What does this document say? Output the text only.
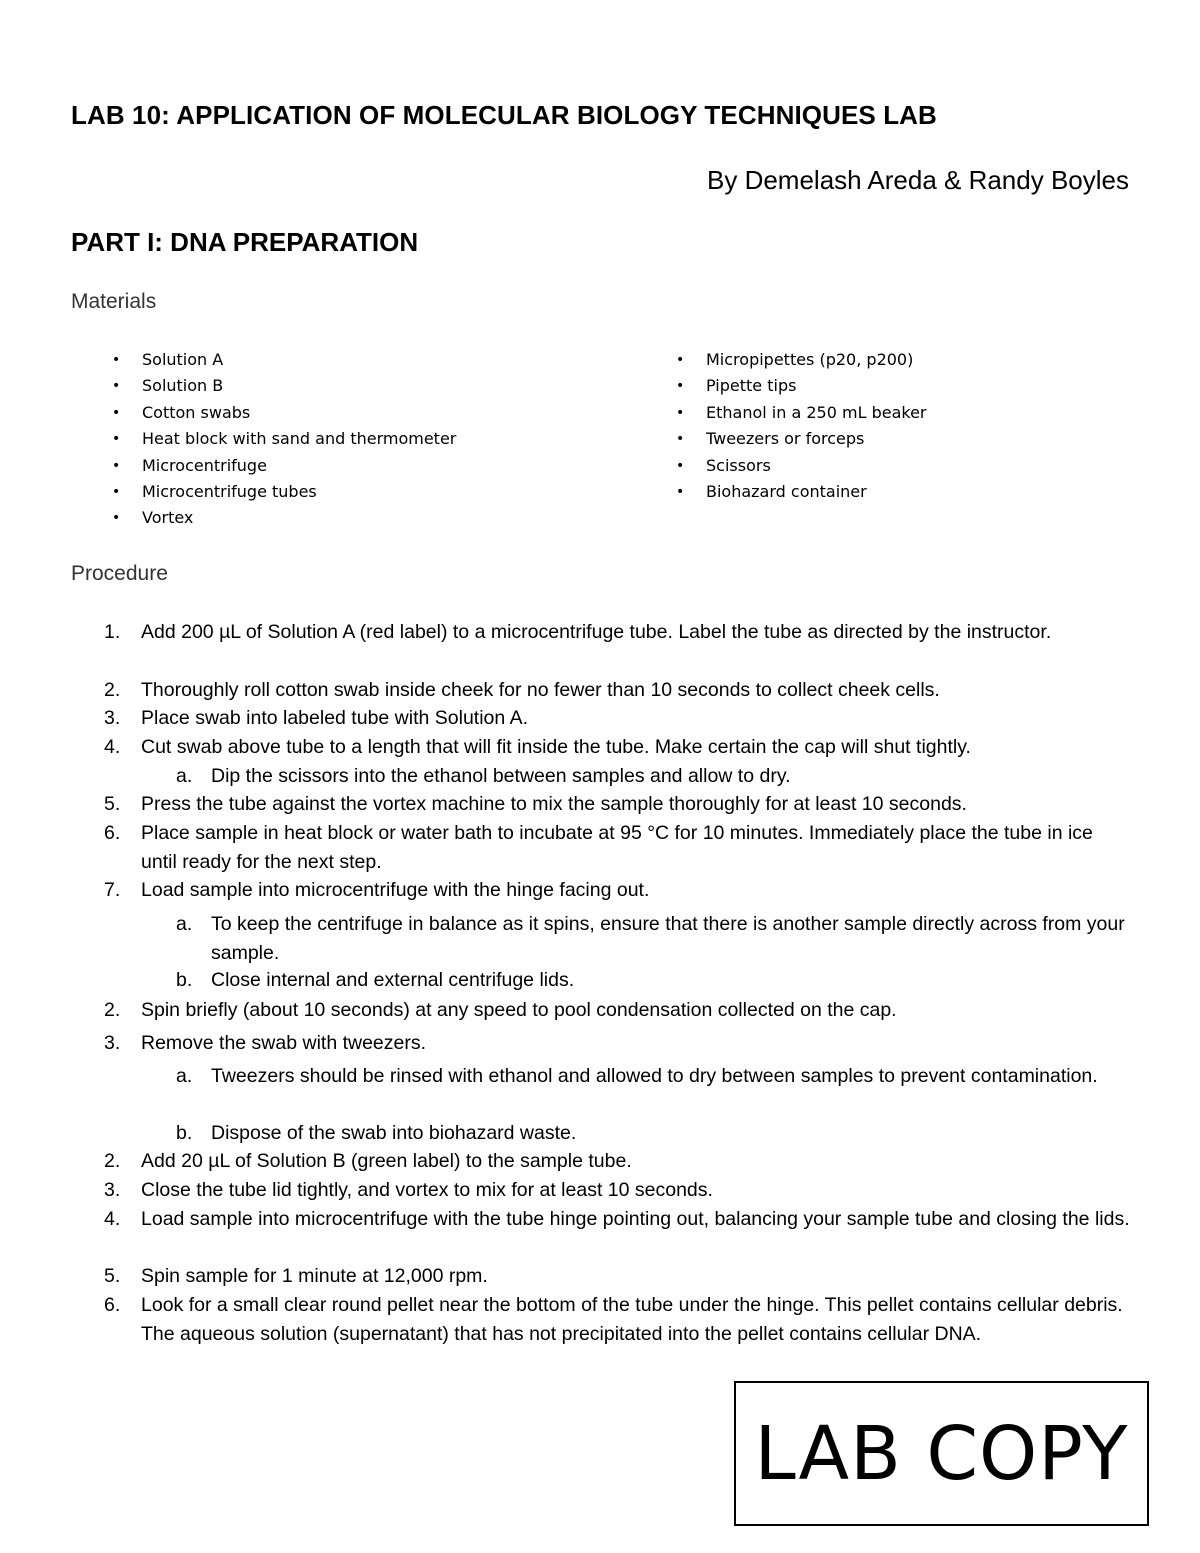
LAB 10: APPLICATION OF MOLECULAR BIOLOGY TECHNIQUES LAB
By Demelash Areda & Randy Boyles
PART I: DNA PREPARATION
Materials
• Solution A
• Solution B
• Cotton swabs
• Heat block with sand and thermometer
• Microcentrifuge
• Microcentrifuge tubes
• Vortex
• Micropipettes (p20, p200)
• Pipette tips
• Ethanol in a 250 mL beaker
• Tweezers or forceps
• Scissors
• Biohazard container
Procedure
1. Add 200 µL of Solution A (red label) to a microcentrifuge tube. Label the tube as directed by the instructor.
2. Thoroughly roll cotton swab inside cheek for no fewer than 10 seconds to collect cheek cells.
3. Place swab into labeled tube with Solution A.
4. Cut swab above tube to a length that will fit inside the tube. Make certain the cap will shut tightly.
a. Dip the scissors into the ethanol between samples and allow to dry.
5. Press the tube against the vortex machine to mix the sample thoroughly for at least 10 seconds.
6. Place sample in heat block or water bath to incubate at 95 °C for 10 minutes. Immediately place the tube in ice until ready for the next step.
7. Load sample into microcentrifuge with the hinge facing out.
a. To keep the centrifuge in balance as it spins, ensure that there is another sample directly across from your sample.
b. Close internal and external centrifuge lids.
2. Spin briefly (about 10 seconds) at any speed to pool condensation collected on the cap.
3. Remove the swab with tweezers.
a. Tweezers should be rinsed with ethanol and allowed to dry between samples to prevent contamination.
b. Dispose of the swab into biohazard waste.
2. Add 20 µL of Solution B (green label) to the sample tube.
3. Close the tube lid tightly, and vortex to mix for at least 10 seconds.
4. Load sample into microcentrifuge with the tube hinge pointing out, balancing your sample tube and closing the lids.
5. Spin sample for 1 minute at 12,000 rpm.
6. Look for a small clear round pellet near the bottom of the tube under the hinge. This pellet contains cellular debris. The aqueous solution (supernatant) that has not precipitated into the pellet contains cellular DNA.
LAB COPY
